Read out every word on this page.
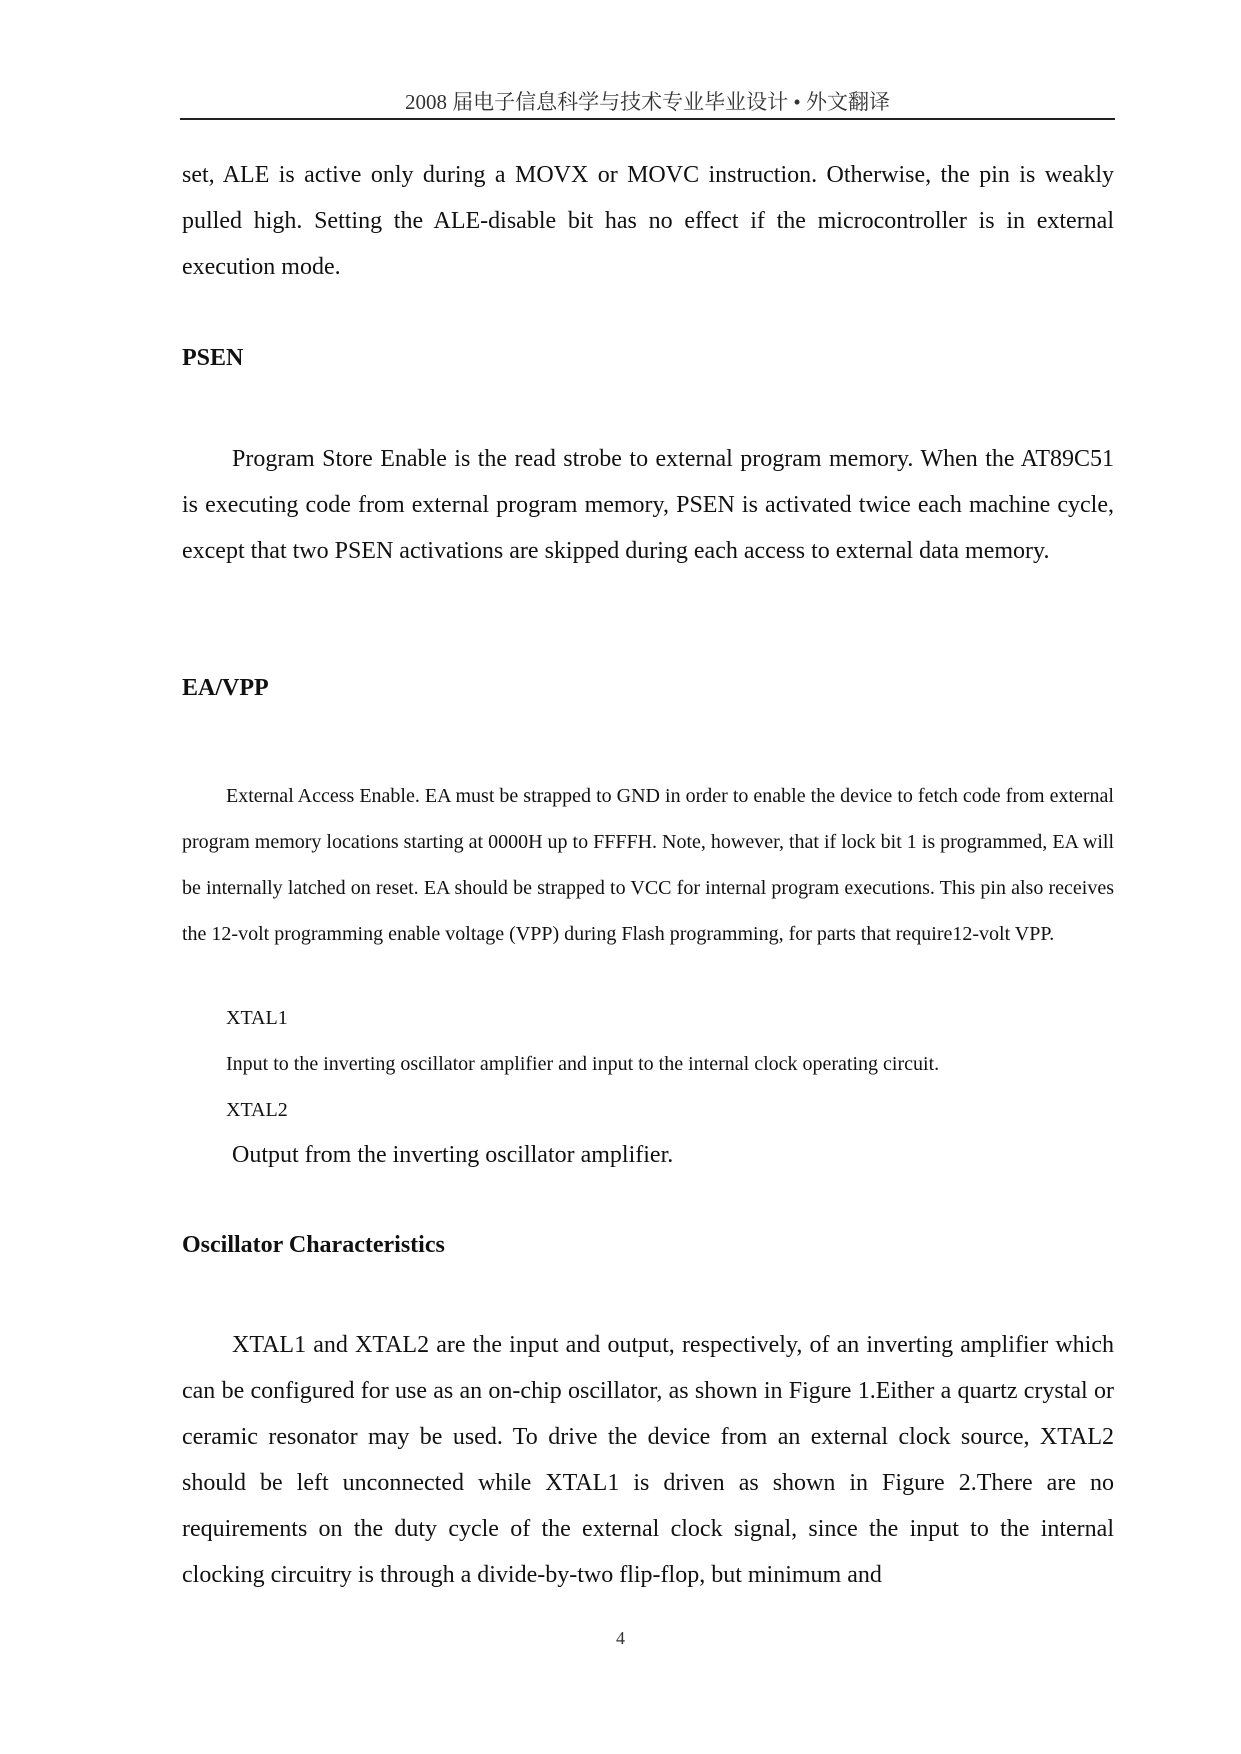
2008 届电子信息科学与技术专业毕业设计 • 外文翻译

set, ALE is active only during a MOVX or MOVC instruction. Otherwise, the pin is weakly pulled high. Setting the ALE-disable bit has no effect if the microcontroller is in external execution mode.

PSEN

Program Store Enable is the read strobe to external program memory. When the AT89C51 is executing code from external program memory, PSEN is activated twice each machine cycle, except that two PSEN activations are skipped during each access to external data memory.

EA/VPP

External Access Enable. EA must be strapped to GND in order to enable the device to fetch code from external program memory locations starting at 0000H up to FFFFH. Note, however, that if lock bit 1 is programmed, EA will be internally latched on reset. EA should be strapped to VCC for internal program executions. This pin also receives the 12-volt programming enable voltage (VPP) during Flash programming, for parts that require12-volt VPP.

XTAL1

Input to the inverting oscillator amplifier and input to the internal clock operating circuit.

XTAL2

Output from the inverting oscillator amplifier.

Oscillator Characteristics

XTAL1 and XTAL2 are the input and output, respectively, of an inverting amplifier which can be configured for use as an on-chip oscillator, as shown in Figure 1.Either a quartz crystal or ceramic resonator may be used. To drive the device from an external clock source, XTAL2 should be left unconnected while XTAL1 is driven as shown in Figure 2.There are no requirements on the duty cycle of the external clock signal, since the input to the internal clocking circuitry is through a divide-by-two flip-flop, but minimum and

4
